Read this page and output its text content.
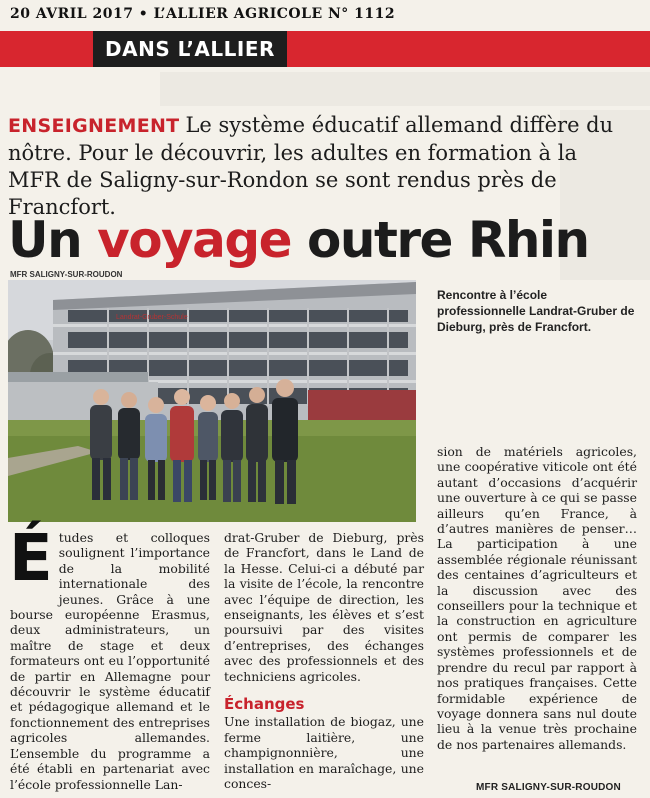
20 AVRIL 2017 • L’ALLIER AGRICOLE N° 1112
DANS L’ALLIER
ENSEIGNEMENT Le système éducatif allemand diffère du nôtre. Pour le découvrir, les adultes en formation à la MFR de Saligny-sur-Rondon se sont rendus près de Francfort.
Un voyage outre Rhin
MFR SALIGNY-SUR-ROUDON
Landrat-Gruber-Schule
Rencontre à l’école professionnelle Landrat-Gruber de Dieburg, près de Francfort.
É tudes et colloques soulignent l’importance de la mobilité internationale des jeunes. Grâce à une bourse européenne Erasmus, deux administrateurs, un maître de stage et deux formateurs ont eu l’opportunité de partir en Allemagne pour découvrir le système éducatif et pédagogique allemand et le fonctionnement des entreprises agricoles allemandes. L’ensemble du programme a été établi en partenariat avec l’école professionnelle Lan-

drat-Gruber de Dieburg, près de Francfort, dans le Land de la Hesse. Celui-ci a débuté par la visite de l’école, la rencontre avec l’équipe de direction, les enseignants, les élèves et s’est poursuivi par des visites d’entreprises, des échanges avec des professionnels et des techniciens agricoles.

Échanges

Une installation de biogaz, une ferme laitière, une champignonnière, une installation en maraîchage, une conces-

sion de matériels agricoles, une coopérative viticole ont été autant d’occasions d’acquérir une ouverture à ce qui se passe ailleurs qu’en France, à d’autres manières de penser… La participation à une assemblée régionale réunissant des centaines d’agriculteurs et la discussion avec des conseillers pour la technique et la construction en agriculture ont permis de comparer les systèmes professionnels et de prendre du recul par rapport à nos pratiques françaises. Cette formidable expérience de voyage donnera sans nul doute lieu à la venue très prochaine de nos partenaires allemands.

MFR SALIGNY-SUR-ROUDON
